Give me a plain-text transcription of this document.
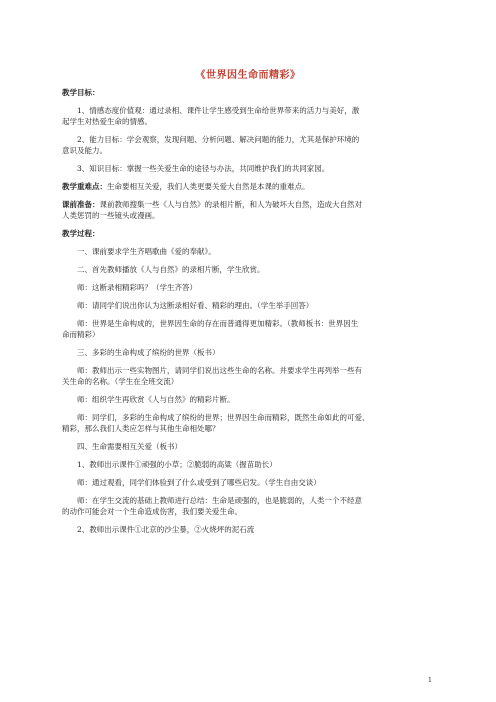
《世界因生命而精彩》

教学目标：

1、情感态度价值观：通过录相、课件让学生感受到生命给世界带来的活力与美好，激

起学生对热爱生命的情感。

2、能力目标：学会观察，发现问题、分析问题、解决问题的能力，尤其是保护环境的

意识及能力。

3、知识目标：掌握一些关爱生命的途径与办法，共同维护我们的共同家园。

教学重难点：生命要相互关爱，我们人类更要关爱大自然是本课的重难点。

课前准备：课前教师搜集一些《人与自然》的录相片断，和人为破坏大自然，造成大自然对

人类惩罚的一些镜头或漫画。

教学过程：

一、课前要求学生齐唱歌曲《爱的奉献》。

二、首先教师播放《人与自然》的录相片断，学生欣赏。

师：这断录相精彩吗？（学生齐答）

师：请同学们说出你认为这断录相好看、精彩的理由。（学生举手回答）

师：世界是生命构成的，世界因生命的存在而普通得更加精彩。（教师板书：世界因生

命而精彩）

三、多彩的生命构成了缤纷的世界（板书）

师：教师出示一些实物图片，请同学们说出这些生命的名称。并要求学生再列举一些有

关生命的名称。（学生在全班交流）

师：组织学生再欣赏《人与自然》的精彩片断。

师：同学们，多彩的生命构成了缤纷的世界；世界因生命而精彩，既然生命如此的可爱、

精彩，那么我们人类应怎样与其他生命相处哪？

四、生命需要相互关爱（板书）

1、教师出示课件①顽强的小草；②脆弱的高粱（握苗助长）

师：通过观看，同学们体验到了什么或受到了哪些启发。（学生自由交谈）

师：在学生交流的基础上教师进行总结：生命是顽强的，也是脆弱的，人类一个不经意

的动作可能会对一个生命造成伤害，我们要关爱生命。

2、教师出示课件①北京的沙尘暴，②火烧坪的泥石流

1
